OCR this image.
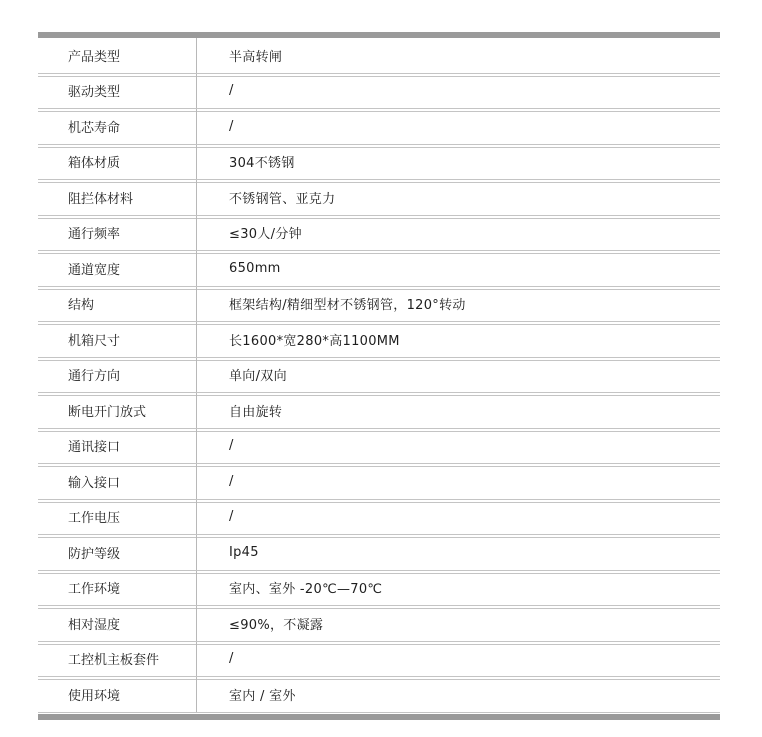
产品类型	半高转闸
驱动类型	/
机芯寿命	/
箱体材质	304不锈钢
阻拦体材料	不锈钢管、亚克力
通行频率	≤30人/分钟
通道宽度	650mm
结构	框架结构/精细型材不锈钢管，120°转动
机箱尺寸	长1600*宽280*高1100MM
通行方向	单向/双向
断电开门放式	自由旋转
通讯接口	/
输入接口	/
工作电压	/
防护等级	Ip45
工作环境	室内、室外 -20℃—70℃
相对湿度	≤90%，不凝露
工控机主板套件	/
使用环境	室内 / 室外
